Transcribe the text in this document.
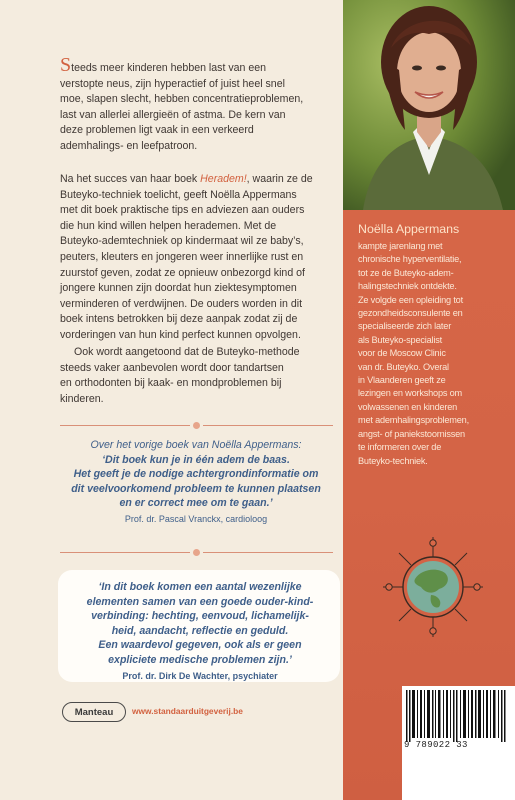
Steeds meer kinderen hebben last van een
verstopte neus, zijn hyperactief of juist heel snel
moe, slapen slecht, hebben concentratieproblemen,
last van allerlei allergieën of astma. De kern van
deze problemen ligt vaak in een verkeerd
ademhalings- en leefpatroon.
Na het succes van haar boek Heradem!, waarin ze de
Buteyko-techniek toelicht, geeft Noëlla Appermans
met dit boek praktische tips en adviezen aan ouders
die hun kind willen helpen herademen. Met de
Buteyko-ademtechniek op kindermaat wil ze baby’s,
peuters, kleuters en jongeren weer innerlijke rust en
zuurstof geven, zodat ze opnieuw onbezorgd kind of
jongere kunnen zijn doordat hun ziektesymptomen
verminderen of verdwijnen. De ouders worden in dit
boek intens betrokken bij deze aanpak zodat zij de
vorderingen van hun kind perfect kunnen opvolgen.
Ook wordt aangetoond dat de Buteyko-methode
steeds vaker aanbevolen wordt door tandartsen
en orthodonten bij kaak- en mondproblemen bij
kinderen.
Over het vorige boek van Noëlla Appermans:
‘Dit boek kun je in één adem de baas.
Het geeft je de nodige achtergrondinformatie om
dit veelvoorkomend probleem te kunnen plaatsen
en er correct mee om te gaan.’
Prof. dr. Pascal Vranckx, cardioloog
‘In dit boek komen een aantal wezenlijke
elementen samen van een goede ouder-kind-
verbinding: hechting, eenvoud, lichamelijk-
heid, aandacht, reflectie en geduld.
Een waardevol gegeven, ook als er geen
expliciete medische problemen zijn.’
Prof. dr. Dirk De Wachter, psychiater
Manteau	www.standaarduitgeverij.be
Noëlla Appermans
kampte jarenlang met
chronische hyperventilatie,
tot ze de Buteyko-adem-
halingstechniek ontdekte.
Ze volgde een opleiding tot
gezondheidsconsulente en
specialiseerde zich later
als Buteyko-specialist
voor de Moscow Clinic
van dr. Buteyko. Overal
in Vlaanderen geeft ze
lezingen en workshops om
volwassenen en kinderen
met ademhalingsproblemen,
angst- of paniekstoornissen
te informeren over de
Buteyko-techniek.
9 789022 33
